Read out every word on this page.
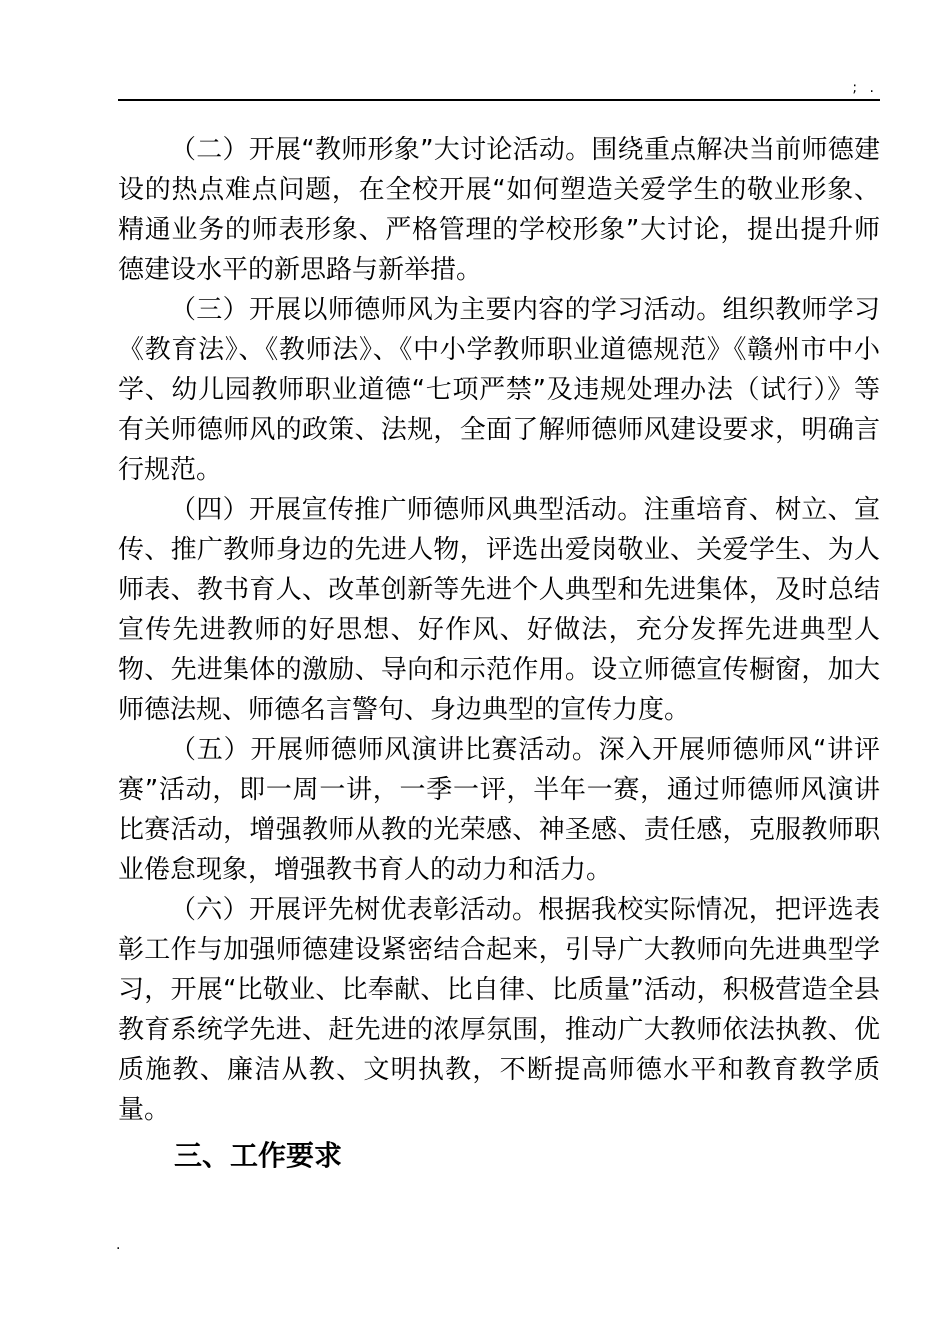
; .

（二）开展“教师形象”大讨论活动。围绕重点解决当前师德建设的热点难点问题，在全校开展“如何塑造关爱学生的敬业形象、精通业务的师表形象、严格管理的学校形象”大讨论，提出提升师德建设水平的新思路与新举措。

（三）开展以师德师风为主要内容的学习活动。组织教师学习《教育法》、《教师法》、《中小学教师职业道德规范》《赣州市中小学、幼儿园教师职业道德“七项严禁”及违规处理办法（试行）》等有关师德师风的政策、法规，全面了解师德师风建设要求，明确言行规范。

（四）开展宣传推广师德师风典型活动。注重培育、树立、宣传、推广教师身边的先进人物，评选出爱岗敬业、关爱学生、为人师表、教书育人、改革创新等先进个人典型和先进集体，及时总结宣传先进教师的好思想、好作风、好做法，充分发挥先进典型人物、先进集体的激励、导向和示范作用。设立师德宣传橱窗，加大师德法规、师德名言警句、身边典型的宣传力度。

（五）开展师德师风演讲比赛活动。深入开展师德师风“讲评赛”活动，即一周一讲，一季一评，半年一赛，通过师德师风演讲比赛活动，增强教师从教的光荣感、神圣感、责任感，克服教师职业倦怠现象，增强教书育人的动力和活力。

（六）开展评先树优表彰活动。根据我校实际情况，把评选表彰工作与加强师德建设紧密结合起来，引导广大教师向先进典型学习，开展“比敬业、比奉献、比自律、比质量”活动，积极营造全县教育系统学先进、赶先进的浓厚氛围，推动广大教师依法执教、优质施教、廉洁从教、文明执教，不断提高师德水平和教育教学质量。

三、工作要求
.
